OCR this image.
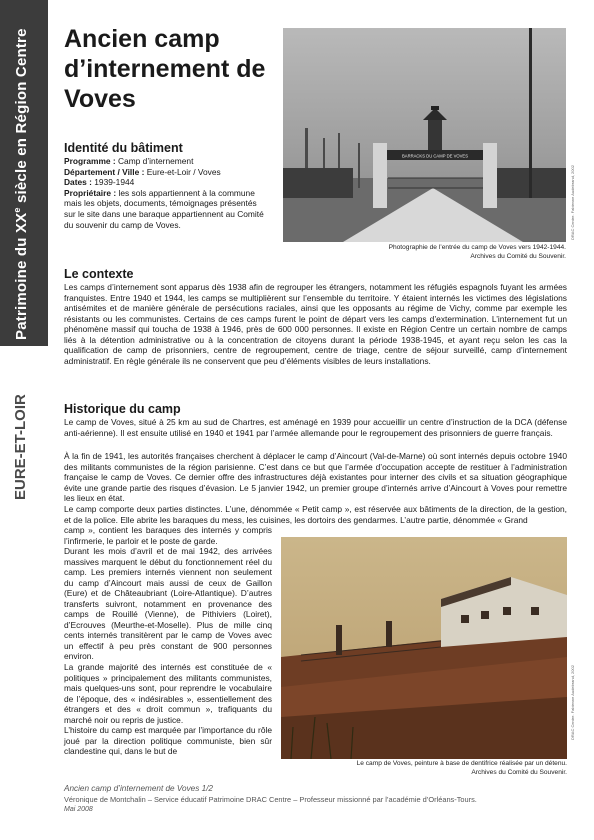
Patrimoine du XXe siècle en Région Centre
EURE-ET-LOIR
Ancien camp d’internement de Voves
BARRACKS DU CAMP DE VOVES
DRAC Centre. Fabienne Audebrand, 2002
Photographie de l’entrée du camp de Voves vers 1942-1944.
Archives du Comité du Souvenir.
Identité du bâtiment
Programme : Camp d’internement
Département / Ville : Eure-et-Loir / Voves
Dates : 1939-1944
Propriétaire : les sols appartiennent à la commune mais les objets, documents, témoignages présentés sur le site dans une baraque appartiennent au Comité du souvenir du camp de Voves.
Le contexte

Les camps d’internement sont apparus dès 1938 afin de regrouper les étrangers, notamment les réfugiés espagnols fuyant les armées franquistes. Entre 1940 et 1944, les camps se multiplièrent sur l’ensemble du territoire. Y étaient internés les victimes des législations antisémites et de manière générale de persécutions raciales, ainsi que les opposants au régime de Vichy, comme par exemple les résistants ou les communistes. Certains de ces camps furent le point de départ vers les camps d’extermination. L’internement fut un phénomène massif qui toucha de 1938 à 1946, près de 600 000 personnes. Il existe en Région Centre un certain nombre de camps liés à la détention administrative ou à la concentration de citoyens durant la période 1938-1945, et ayant reçu selon les cas la qualification de camp de prisonniers, centre de regroupement, centre de triage, centre de séjour surveillé, camp d’internement administratif. En règle générale ils ne conservent que peu d’éléments visibles de leurs installations.

Historique du camp

Le camp de Voves, situé à 25 km au sud de Chartres, est aménagé en 1939 pour accueillir un centre d’instruction de la DCA (défense anti-aérienne). Il est ensuite utilisé en 1940 et 1941 par l’armée allemande pour le regroupement des prisonniers de guerre français.

À la fin de 1941, les autorités françaises cherchent à déplacer le camp d’Aincourt (Val-de-Marne) où sont internés depuis octobre 1940 des militants communistes de la région parisienne. C’est dans ce but que l’armée d’occupation accepte de restituer à l’administration française le camp de Voves. Ce dernier offre des infrastructures déjà existantes pour interner des civils et sa situation géographique évite une grande partie des risques d’évasion. Le 5 janvier 1942, un premier groupe d’internés arrive d’Aincourt à Voves pour remettre les lieux en état.

Le camp comporte deux parties distinctes. L’une, dénommée « Petit camp », est réservée aux bâtiments de la direction, de la gestion, et de la police. Elle abrite les baraques du mess, les cuisines, les dortoirs des gendarmes. L’autre partie, dénommée « Grand

camp », contient les baraques des internés y compris l’infirmerie, le parloir et le poste de garde.

Durant les mois d’avril et de mai 1942, des arrivées massives marquent le début du fonctionnement réel du camp. Les premiers internés viennent non seulement du camp d’Aincourt mais aussi de ceux de Gaillon (Eure) et de Châteaubriant (Loire-Atlantique). D’autres transferts suivront, notamment en provenance des camps de Rouillé (Vienne), de Pithiviers (Loiret), d’Ecrouves (Meurthe-et-Moselle). Plus de mille cinq cents internés transitèrent par le camp de Voves avec un effectif à peu près constant de 900 personnes environ.

La grande majorité des internés est constituée de « politiques » principalement des militants communistes, mais quelques-uns sont, pour reprendre le vocabulaire de l’époque, des « indésirables », essentiellement des étrangers et des « droit commun », trafiquants du marché noir ou repris de justice.

L’histoire du camp est marquée par l’importance du rôle joué par la direction politique communiste, bien sûr clandestine qui, dans le but de

DRAC Centre. Fabienne Audebrand, 2002
Le camp de Voves, peinture à base de dentifrice réalisée par un détenu.
Archives du Comité du Souvenir.
Ancien camp d’internement de Voves 1/2
Véronique de Montchalin – Service éducatif Patrimoine DRAC Centre – Professeur missionné par l’académie d’Orléans-Tours.
Mai 2008
